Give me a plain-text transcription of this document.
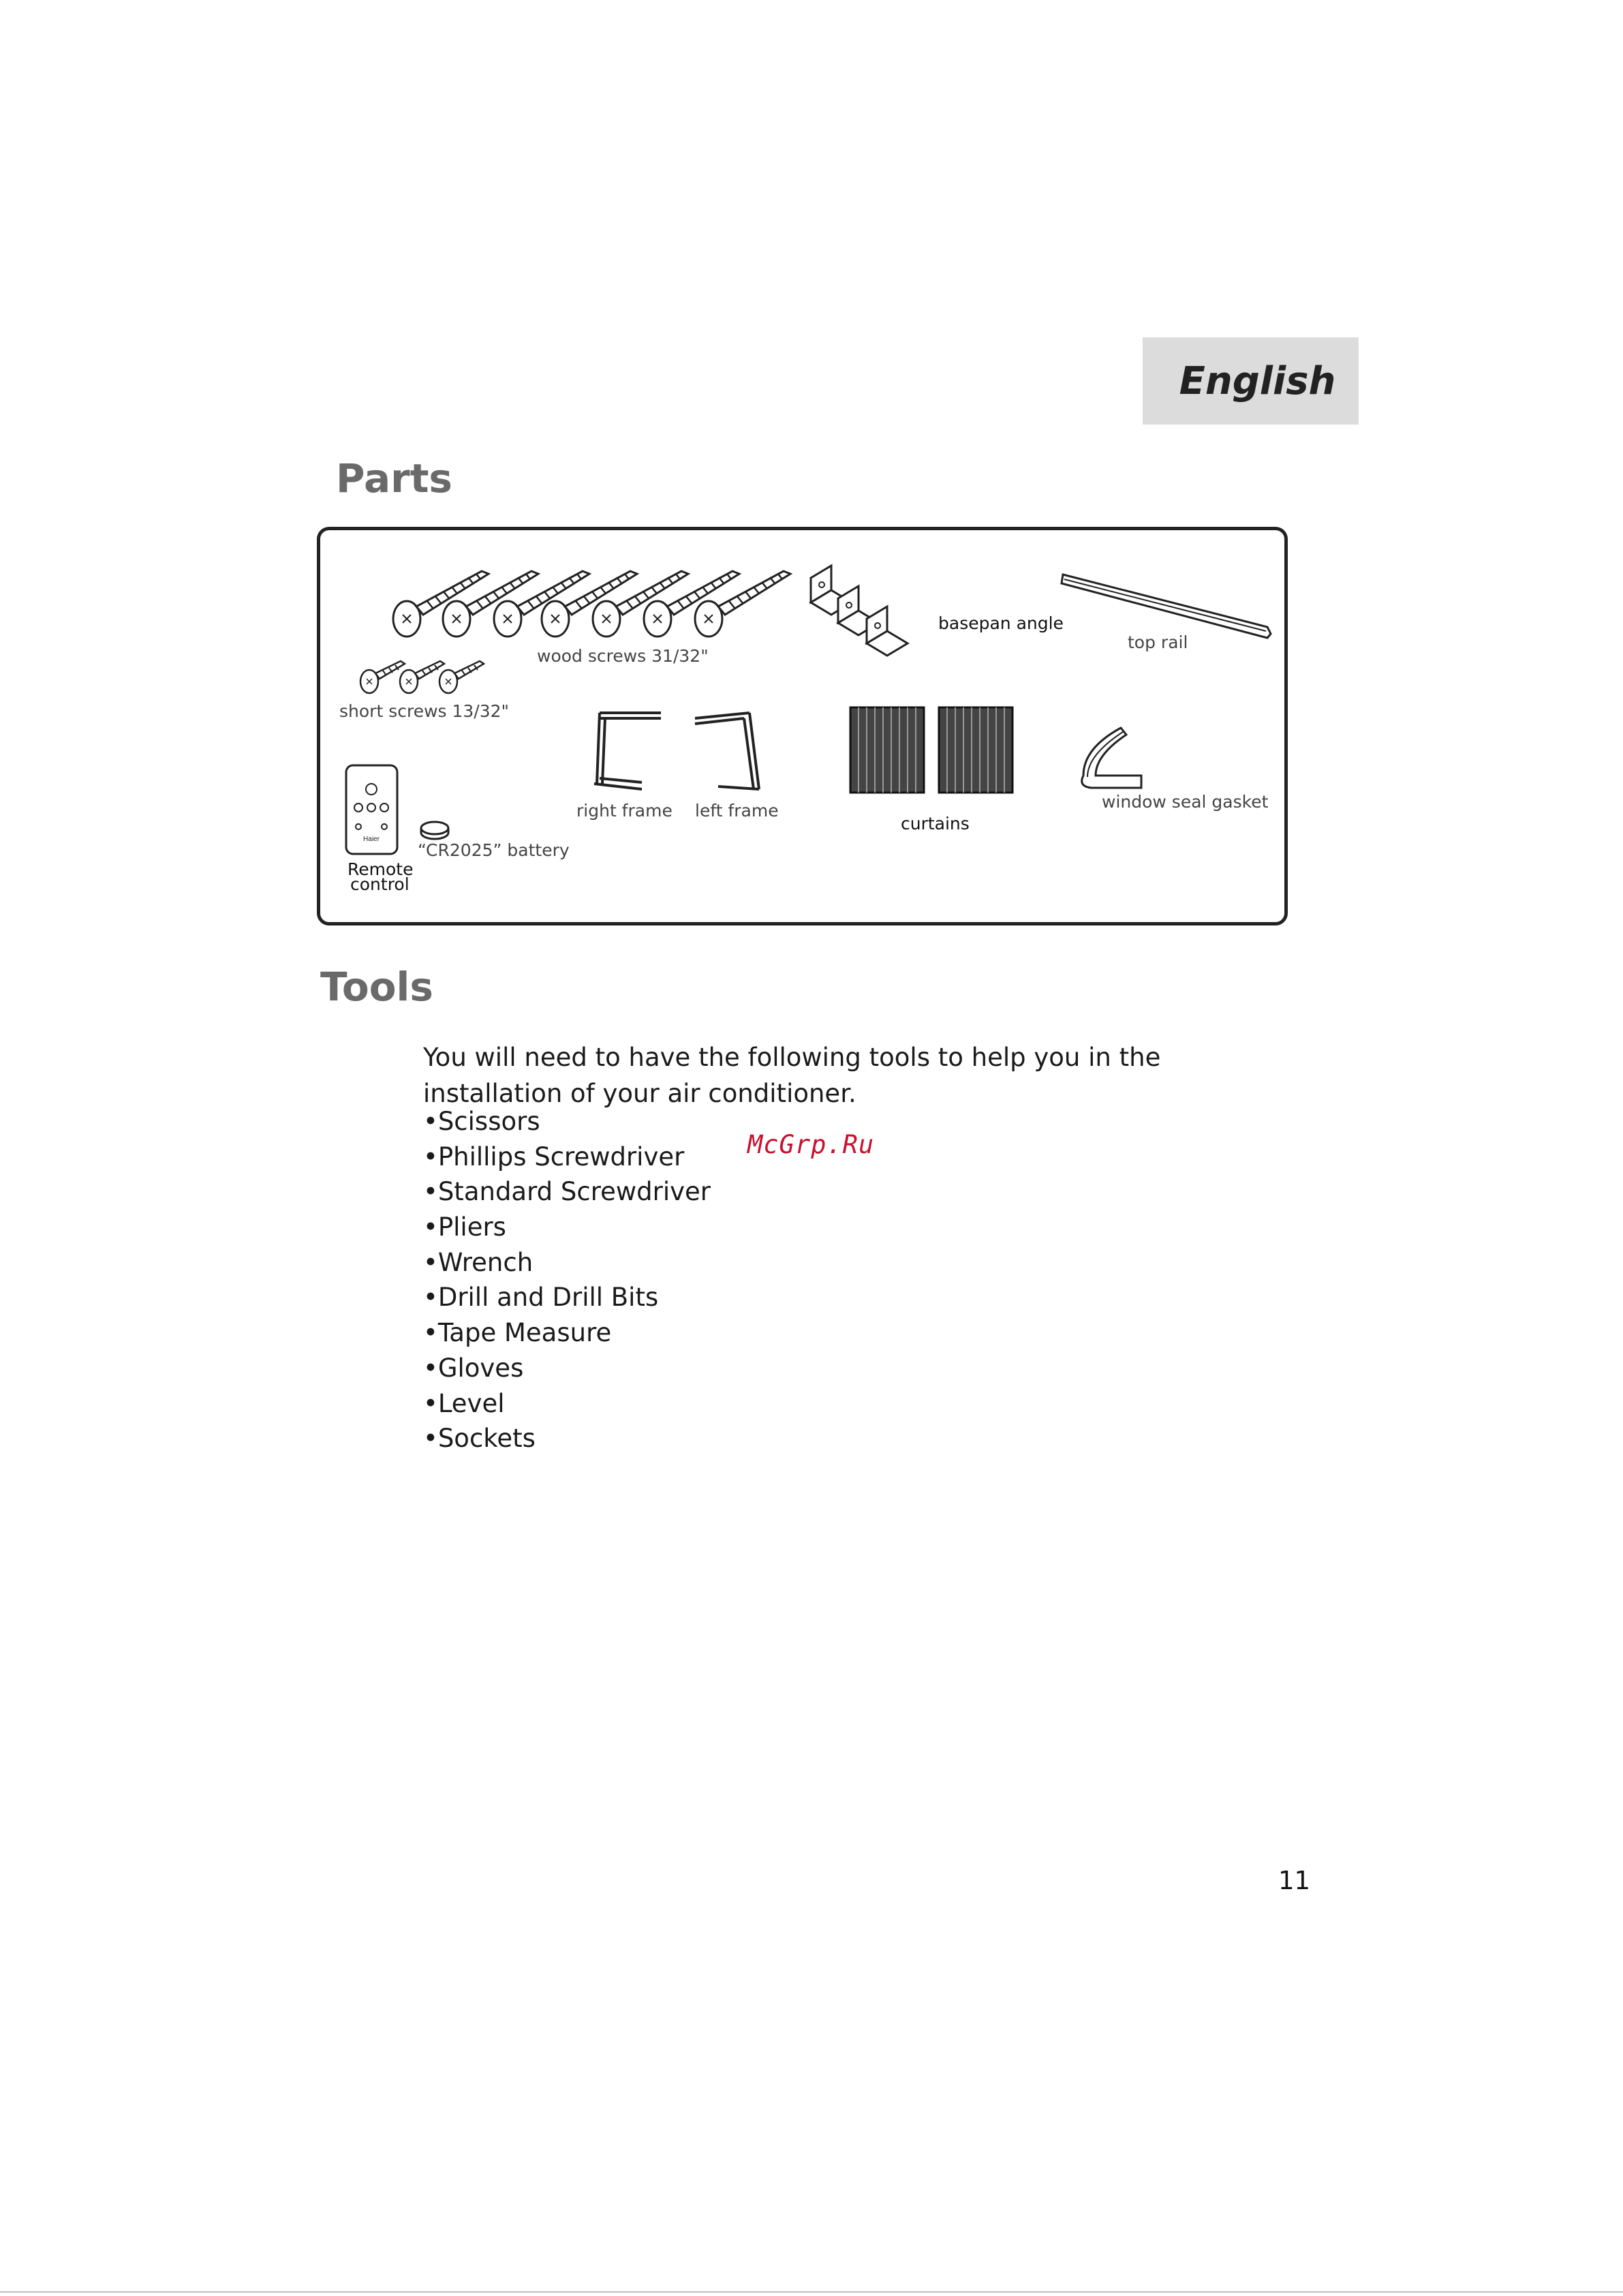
English
Parts
Haier
wood screws 31/32"
short screws 13/32"
basepan angle
top rail
right frame left frame
curtains
window seal gasket
“CR2025” battery
Remote
control
Tools

You will need to have the following tools to help you in the installation of your air conditioner.

•Scissors
•Phillips Screwdriver
•Standard Screwdriver
•Pliers
•Wrench
•Drill and Drill Bits
•Tape Measure
•Gloves
•Level
•Sockets
McGrp.Ru
11
